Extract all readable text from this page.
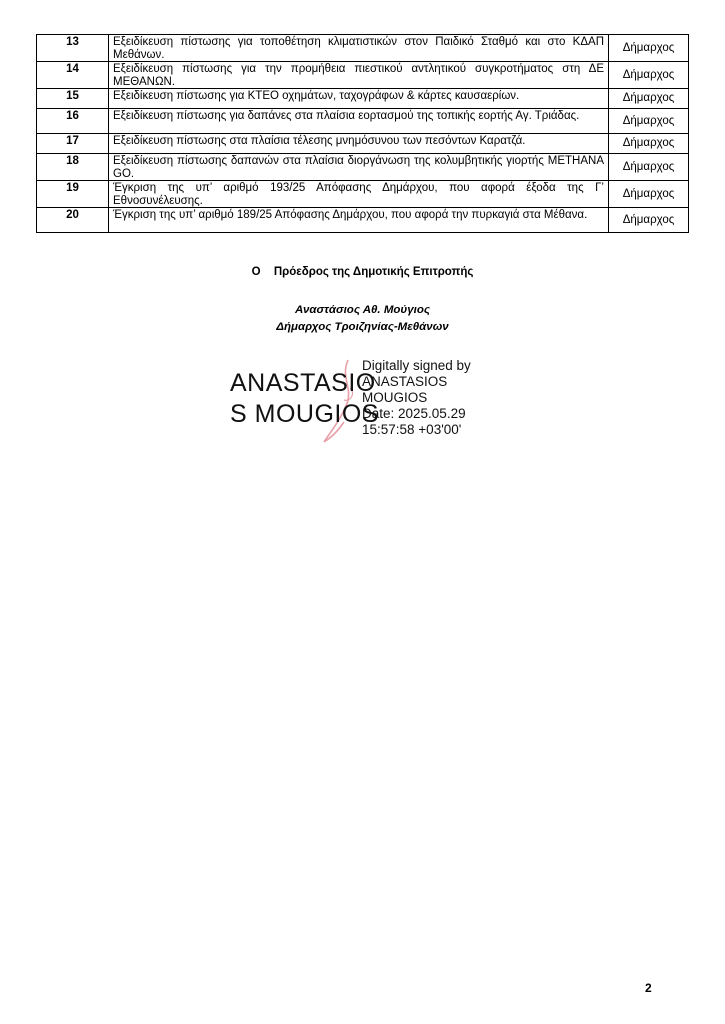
13	Εξειδίκευση πίστωσης για τοποθέτηση κλιματιστικών στον Παιδικό Σταθμό και στο ΚΔΑΠ Μεθάνων.	Δήμαρχος
14	Εξειδίκευση πίστωσης για την προμήθεια πιεστικού αντλητικού συγκροτήματος στη ΔΕ ΜΕΘΑΝΩΝ.	Δήμαρχος
15	Εξειδίκευση πίστωσης για ΚΤΕΟ οχημάτων, ταχογράφων & κάρτες καυσαερίων.	Δήμαρχος
16	Εξειδίκευση πίστωσης για δαπάνες στα πλαίσια εορτασμού της τοπικής εορτής Αγ. Τριάδας.	Δήμαρχος
17	Εξειδίκευση πίστωσης στα πλαίσια τέλεσης μνημόσυνου των πεσόντων Καρατζά.	Δήμαρχος
18	Εξειδίκευση πίστωσης δαπανών στα πλαίσια διοργάνωση της κολυμβητικής γιορτής METHANA GO.	Δήμαρχος
19	Έγκριση της υπ’ αριθμό 193/25 Απόφασης Δημάρχου, που αφορά έξοδα της Γ’ Εθνοσυνέλευσης.	Δήμαρχος
20	Έγκριση της υπ’ αριθμό 189/25 Απόφασης Δημάρχου, που αφορά την πυρκαγιά στα Μέθανα.	Δήμαρχος
Ο Πρόεδρος της Δημοτικής Επιτροπής
Αναστάσιος Αθ. Μούγιος
Δήμαρχος Τροιζηνίας-Μεθάνων
ANASTASIO
S MOUGIOS
Digitally signed by
ANASTASIOS
MOUGIOS
Date: 2025.05.29
15:57:58 +03'00'
2
